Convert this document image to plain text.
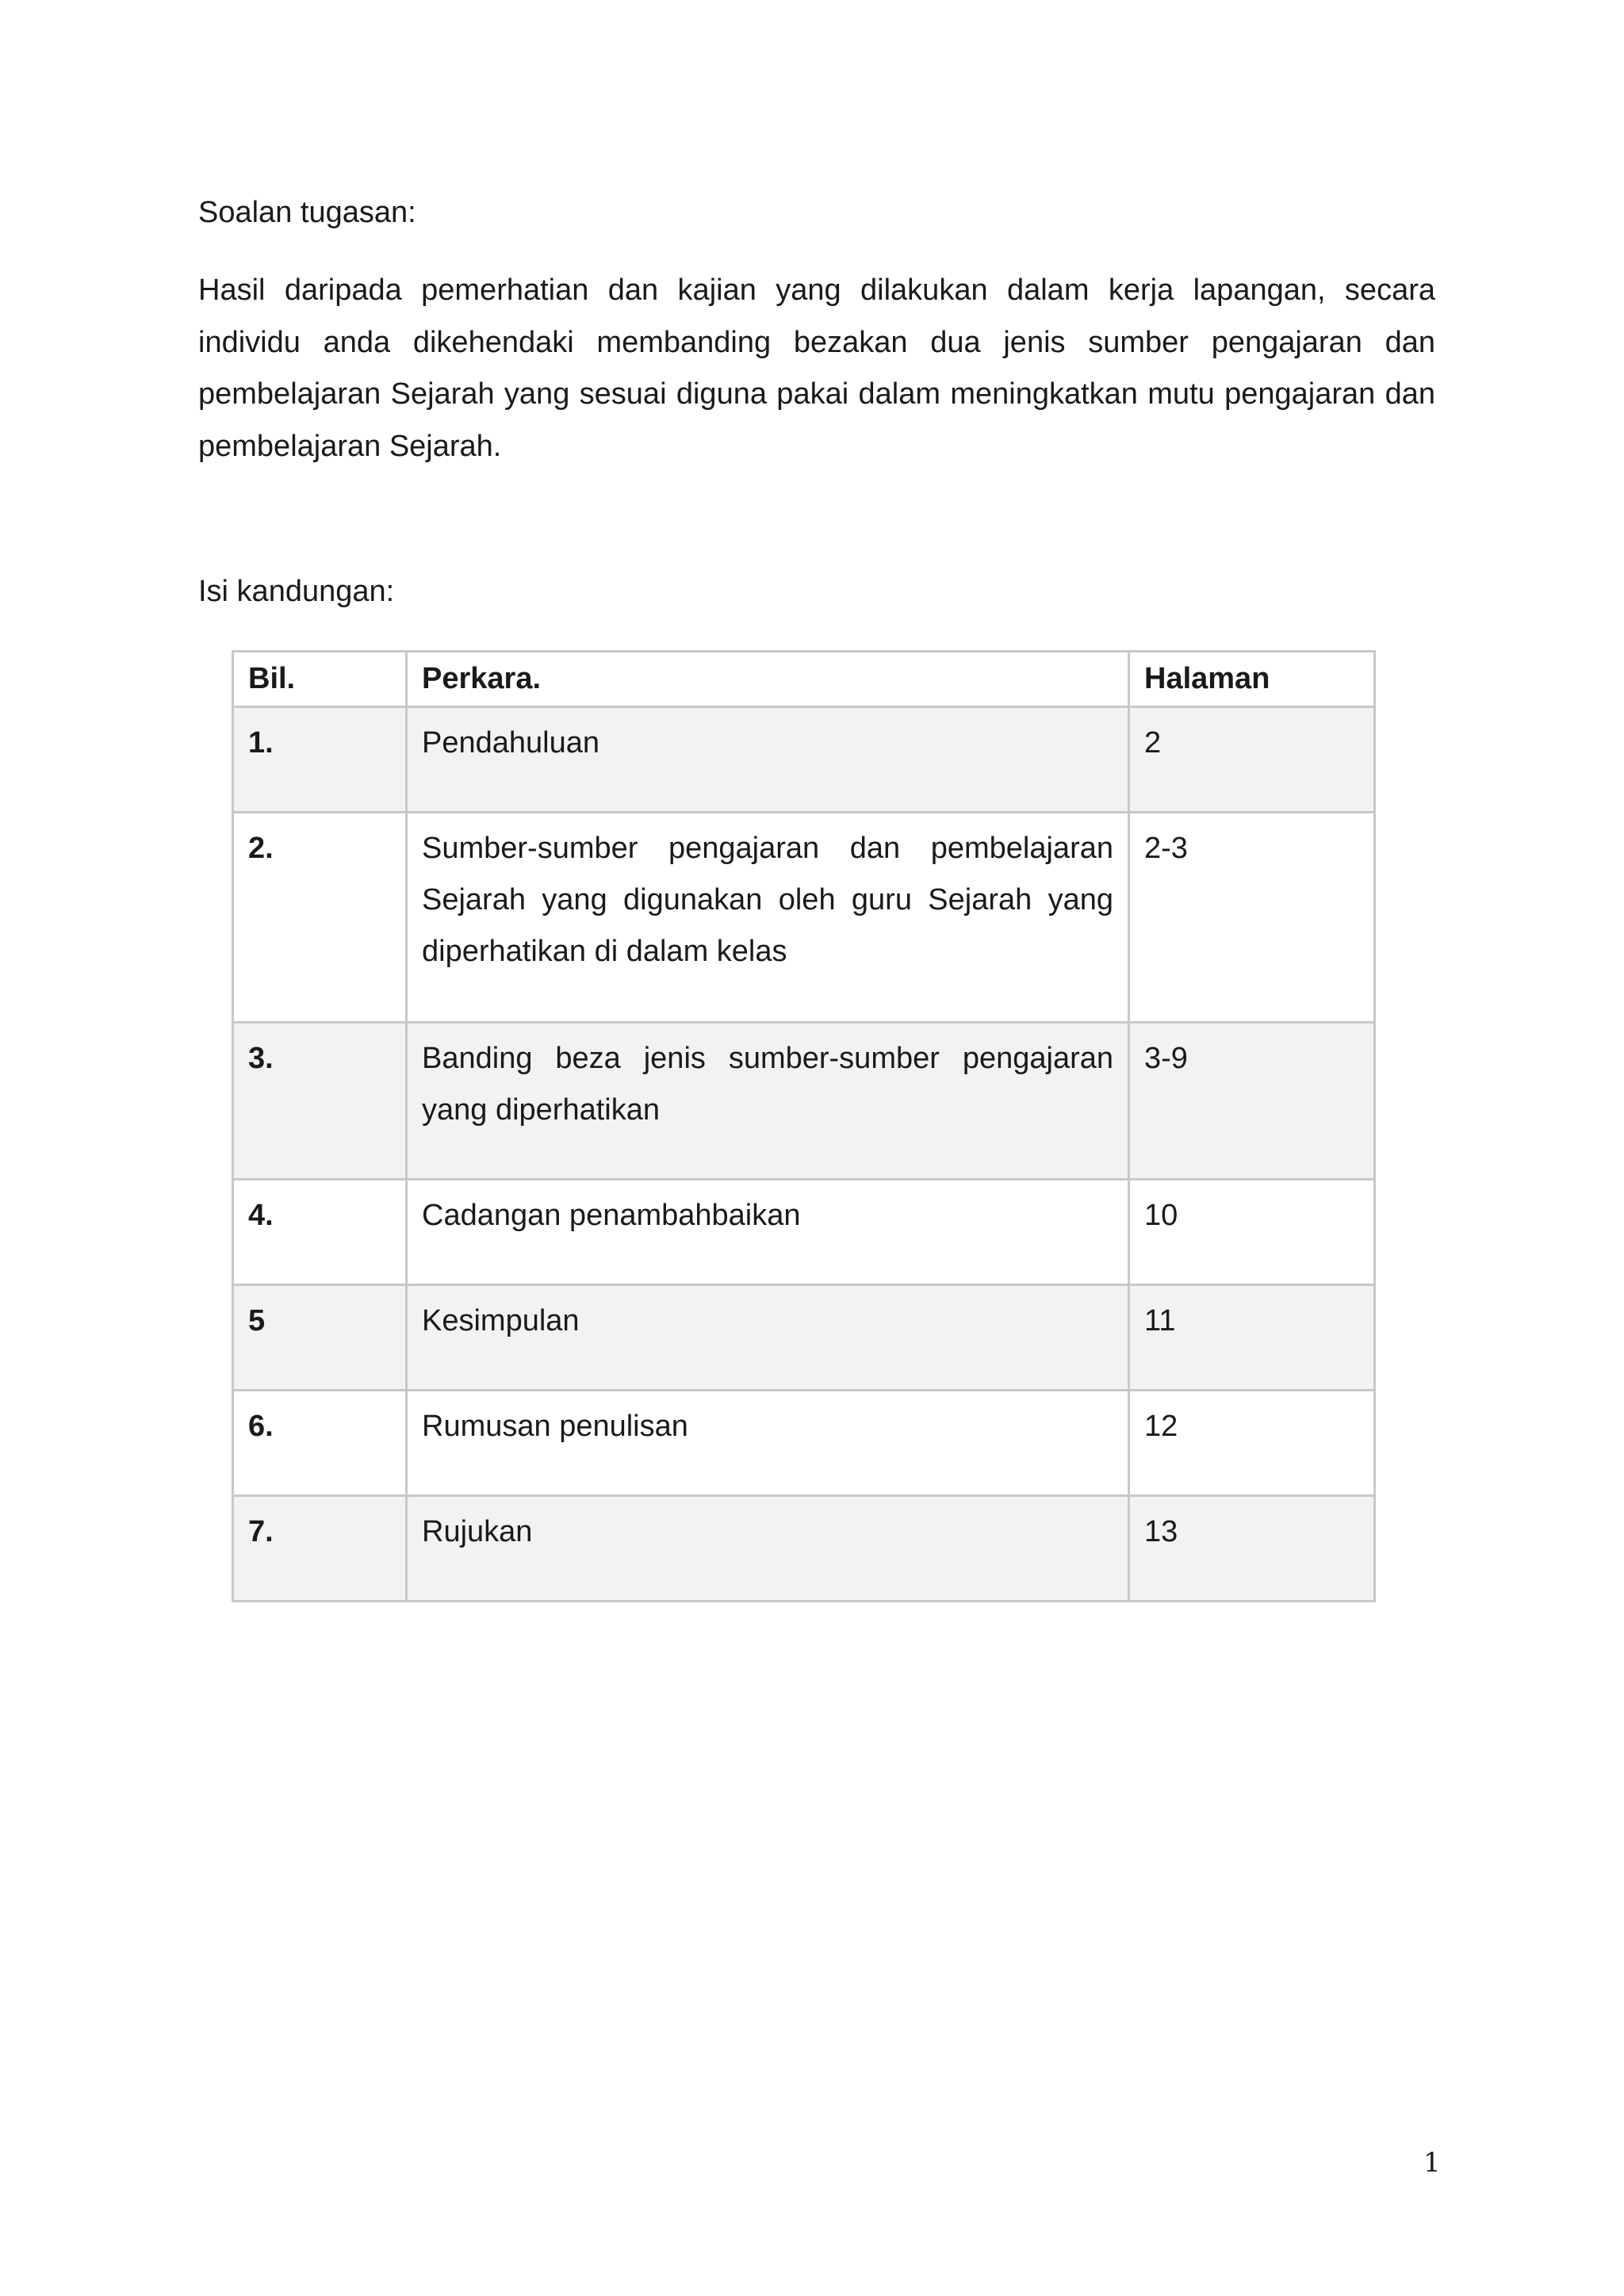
Soalan tugasan:

Hasil daripada pemerhatian dan kajian yang dilakukan dalam kerja lapangan, secara individu anda dikehendaki membanding bezakan dua jenis sumber pengajaran dan pembelajaran Sejarah yang sesuai diguna pakai dalam meningkatkan mutu pengajaran dan pembelajaran Sejarah.

Isi kandungan:
Bil.	Perkara.	Halaman
1.	Pendahuluan	2
2.	Sumber-sumber pengajaran dan pembelajaran Sejarah yang digunakan oleh guru Sejarah yang diperhatikan di dalam kelas	2-3
3.	Banding beza jenis sumber-sumber pengajaran yang diperhatikan	3-9
4.	Cadangan penambahbaikan	10
5	Kesimpulan	11
6.	Rumusan penulisan	12
7.	Rujukan	13
1
